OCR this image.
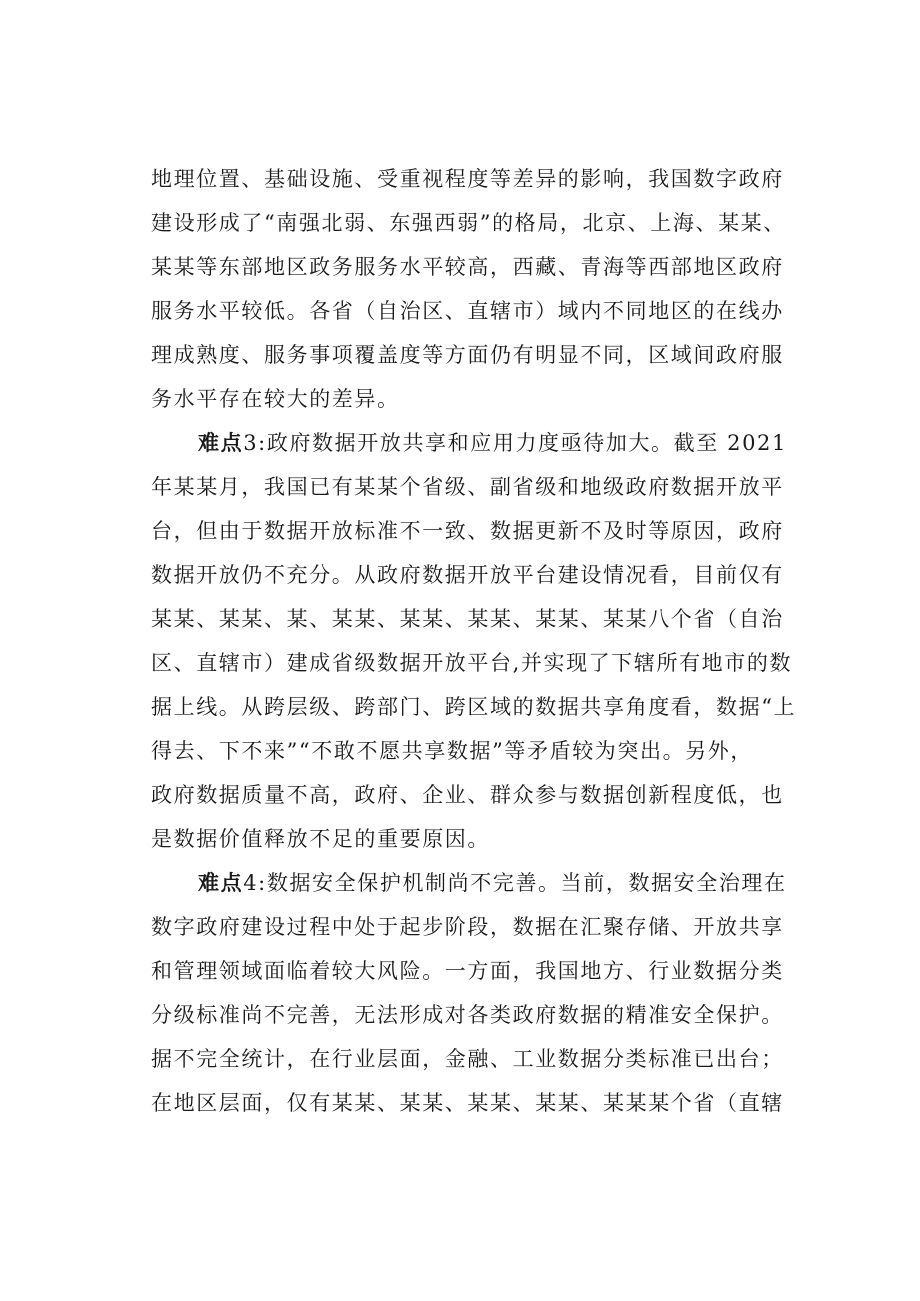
地理位置、基础设施、受重视程度等差异的影响，我国数字政府
建设形成了“南强北弱、东强西弱”的格局，北京、上海、某某、
某某等东部地区政务服务水平较高，西藏、青海等西部地区政府
服务水平较低。各省（自治区、直辖市）域内不同地区的在线办
理成熟度、服务事项覆盖度等方面仍有明显不同，区域间政府服
务水平存在较大的差异。
难点3:政府数据开放共享和应用力度亟待加大。截至 2021
年某某月，我国已有某某个省级、副省级和地级政府数据开放平
台，但由于数据开放标准不一致、数据更新不及时等原因，政府
数据开放仍不充分。从政府数据开放平台建设情况看，目前仅有
某某、某某、某、某某、某某、某某、某某、某某八个省（自治
区、直辖市）建成省级数据开放平台,并实现了下辖所有地市的数
据上线。从跨层级、跨部门、跨区域的数据共享角度看，数据“上
得去、下不来”“不敢不愿共享数据”等矛盾较为突出。另外，
政府数据质量不高，政府、企业、群众参与数据创新程度低，也
是数据价值释放不足的重要原因。
难点4:数据安全保护机制尚不完善。当前，数据安全治理在
数字政府建设过程中处于起步阶段，数据在汇聚存储、开放共享
和管理领域面临着较大风险。一方面，我国地方、行业数据分类
分级标准尚不完善，无法形成对各类政府数据的精准安全保护。
据不完全统计，在行业层面，金融、工业数据分类标准已出台；
在地区层面，仅有某某、某某、某某、某某、某某某个省（直辖
